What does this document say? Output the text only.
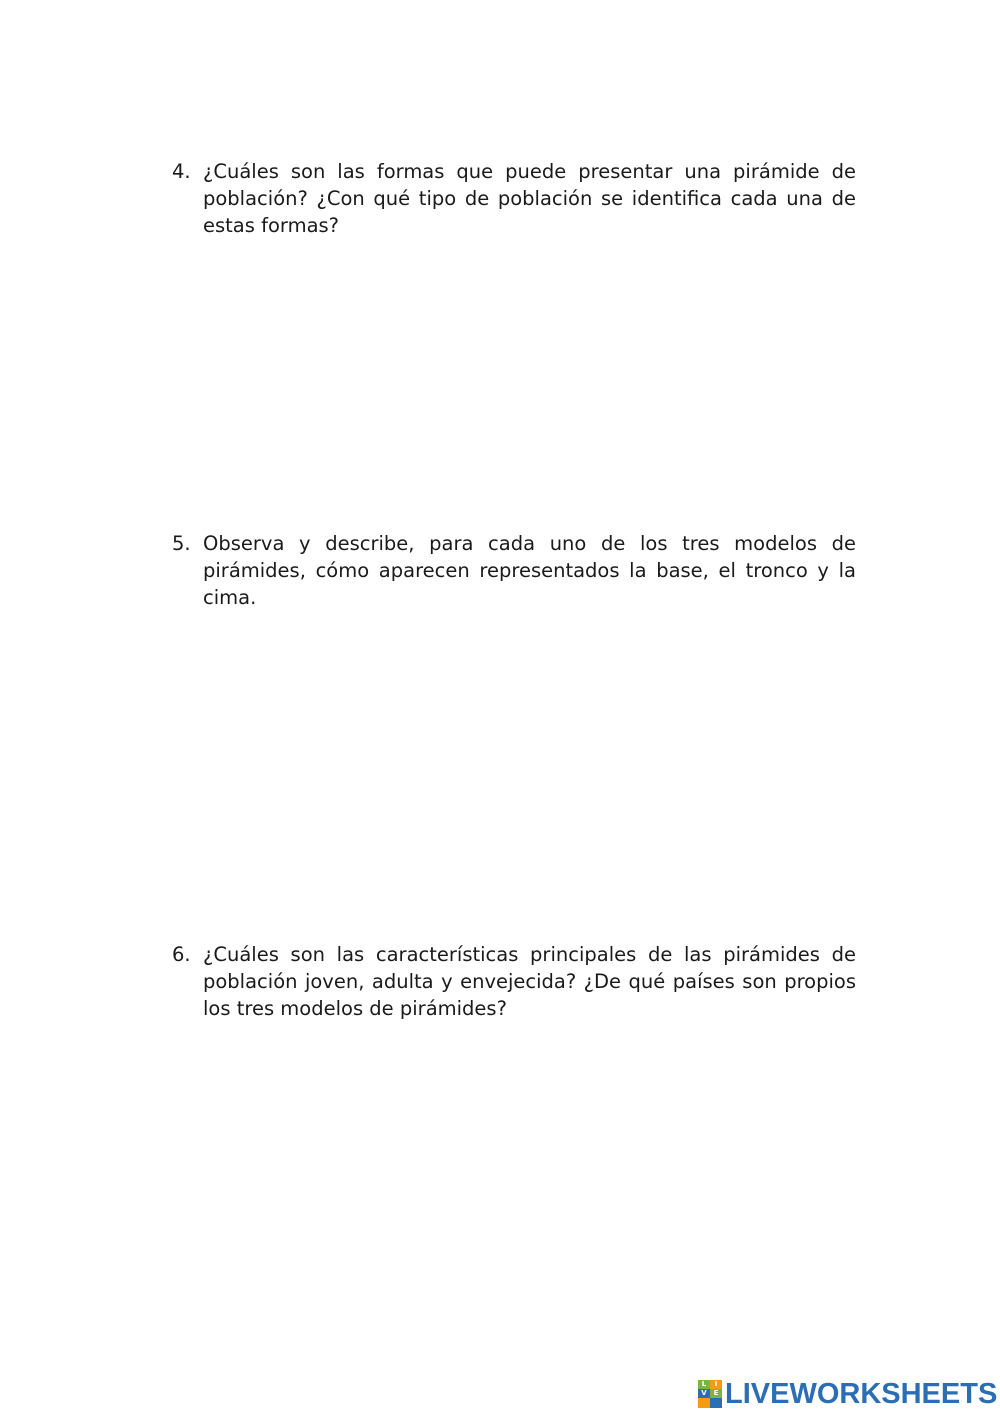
4. ¿Cuáles son las formas que puede presentar una pirámide de población? ¿Con qué tipo de población se identifica cada una de estas formas?
5. Observa y describe, para cada uno de los tres modelos de pirámides, cómo aparecen representados la base, el tronco y la cima.
6. ¿Cuáles son las características principales de las pirámides de población joven, adulta y envejecida? ¿De qué países son propios los tres modelos de pirámides?
L	I
V E LIVEWORKSHEETS
